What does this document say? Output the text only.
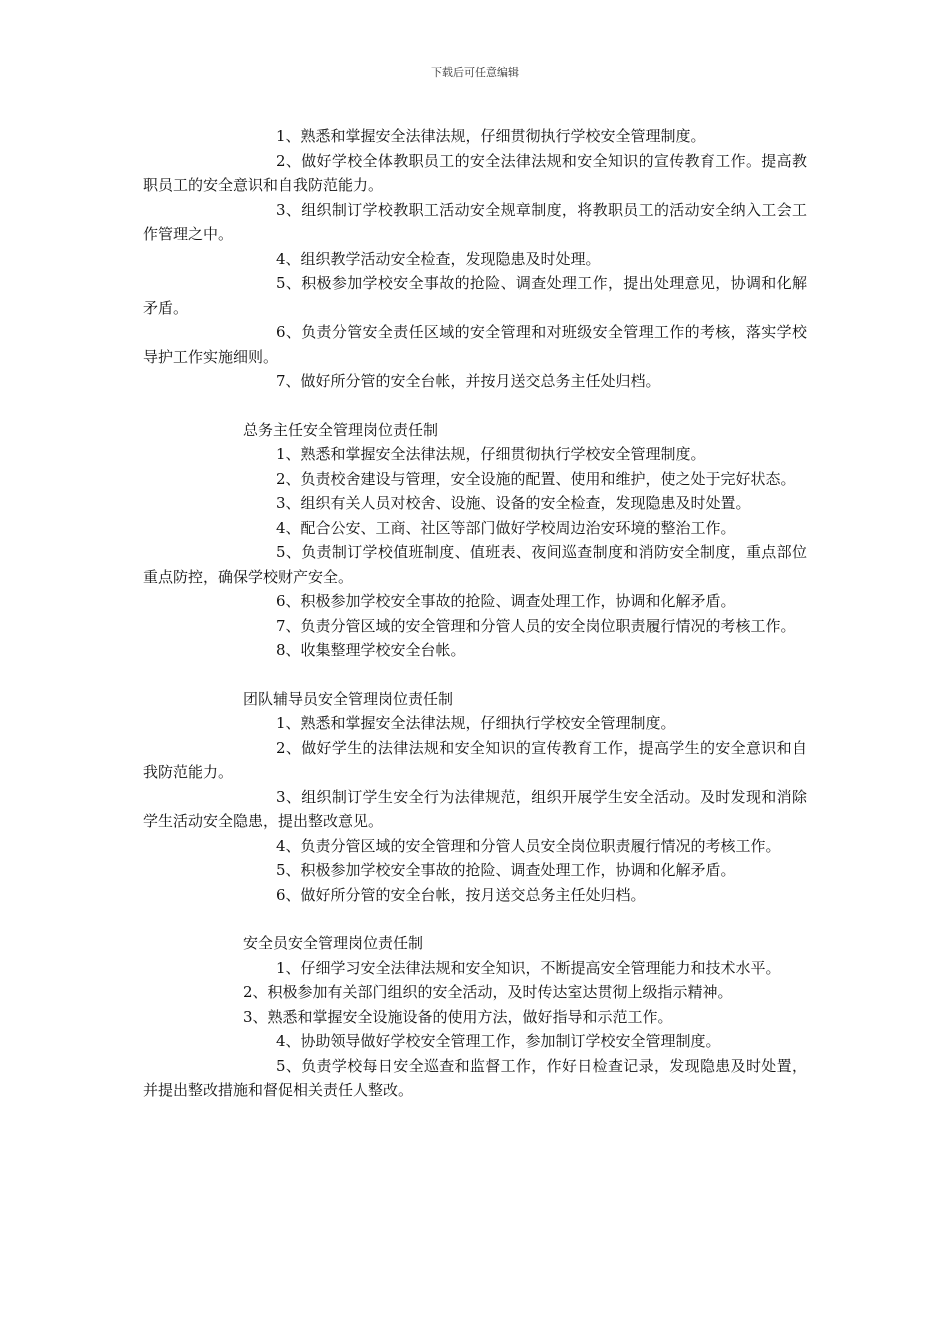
下载后可任意编辑

1、熟悉和掌握安全法律法规，仔细贯彻执行学校安全管理制度。

2、做好学校全体教职员工的安全法律法规和安全知识的宣传教育工作。提高教职员工的安全意识和自我防范能力。

3、组织制订学校教职工活动安全规章制度，将教职员工的活动安全纳入工会工作管理之中。

4、组织教学活动安全检查，发现隐患及时处理。

5、积极参加学校安全事故的抢险、调查处理工作，提出处理意见，协调和化解矛盾。

6、负责分管安全责任区域的安全管理和对班级安全管理工作的考核，落实学校导护工作实施细则。

7、做好所分管的安全台帐，并按月送交总务主任处归档。

总务主任安全管理岗位责任制

1、熟悉和掌握安全法律法规，仔细贯彻执行学校安全管理制度。

2、负责校舍建设与管理，安全设施的配置、使用和维护，使之处于完好状态。

3、组织有关人员对校舍、设施、设备的安全检查，发现隐患及时处置。

4、配合公安、工商、社区等部门做好学校周边治安环境的整治工作。

5、负责制订学校值班制度、值班表、夜间巡查制度和消防安全制度，重点部位重点防控，确保学校财产安全。

6、积极参加学校安全事故的抢险、调查处理工作，协调和化解矛盾。

7、负责分管区域的安全管理和分管人员的安全岗位职责履行情况的考核工作。

8、收集整理学校安全台帐。

团队辅导员安全管理岗位责任制

1、熟悉和掌握安全法律法规，仔细执行学校安全管理制度。

2、做好学生的法律法规和安全知识的宣传教育工作，提高学生的安全意识和自我防范能力。

3、组织制订学生安全行为法律规范，组织开展学生安全活动。及时发现和消除学生活动安全隐患，提出整改意见。

4、负责分管区域的安全管理和分管人员安全岗位职责履行情况的考核工作。

5、积极参加学校安全事故的抢险、调查处理工作，协调和化解矛盾。

6、做好所分管的安全台帐，按月送交总务主任处归档。

安全员安全管理岗位责任制

1、仔细学习安全法律法规和安全知识，不断提高安全管理能力和技术水平。

2、积极参加有关部门组织的安全活动，及时传达室达贯彻上级指示精神。

3、熟悉和掌握安全设施设备的使用方法，做好指导和示范工作。

4、协助领导做好学校安全管理工作，参加制订学校安全管理制度。

5、负责学校每日安全巡查和监督工作，作好日检查记录，发现隐患及时处置，并提出整改措施和督促相关责任人整改。
